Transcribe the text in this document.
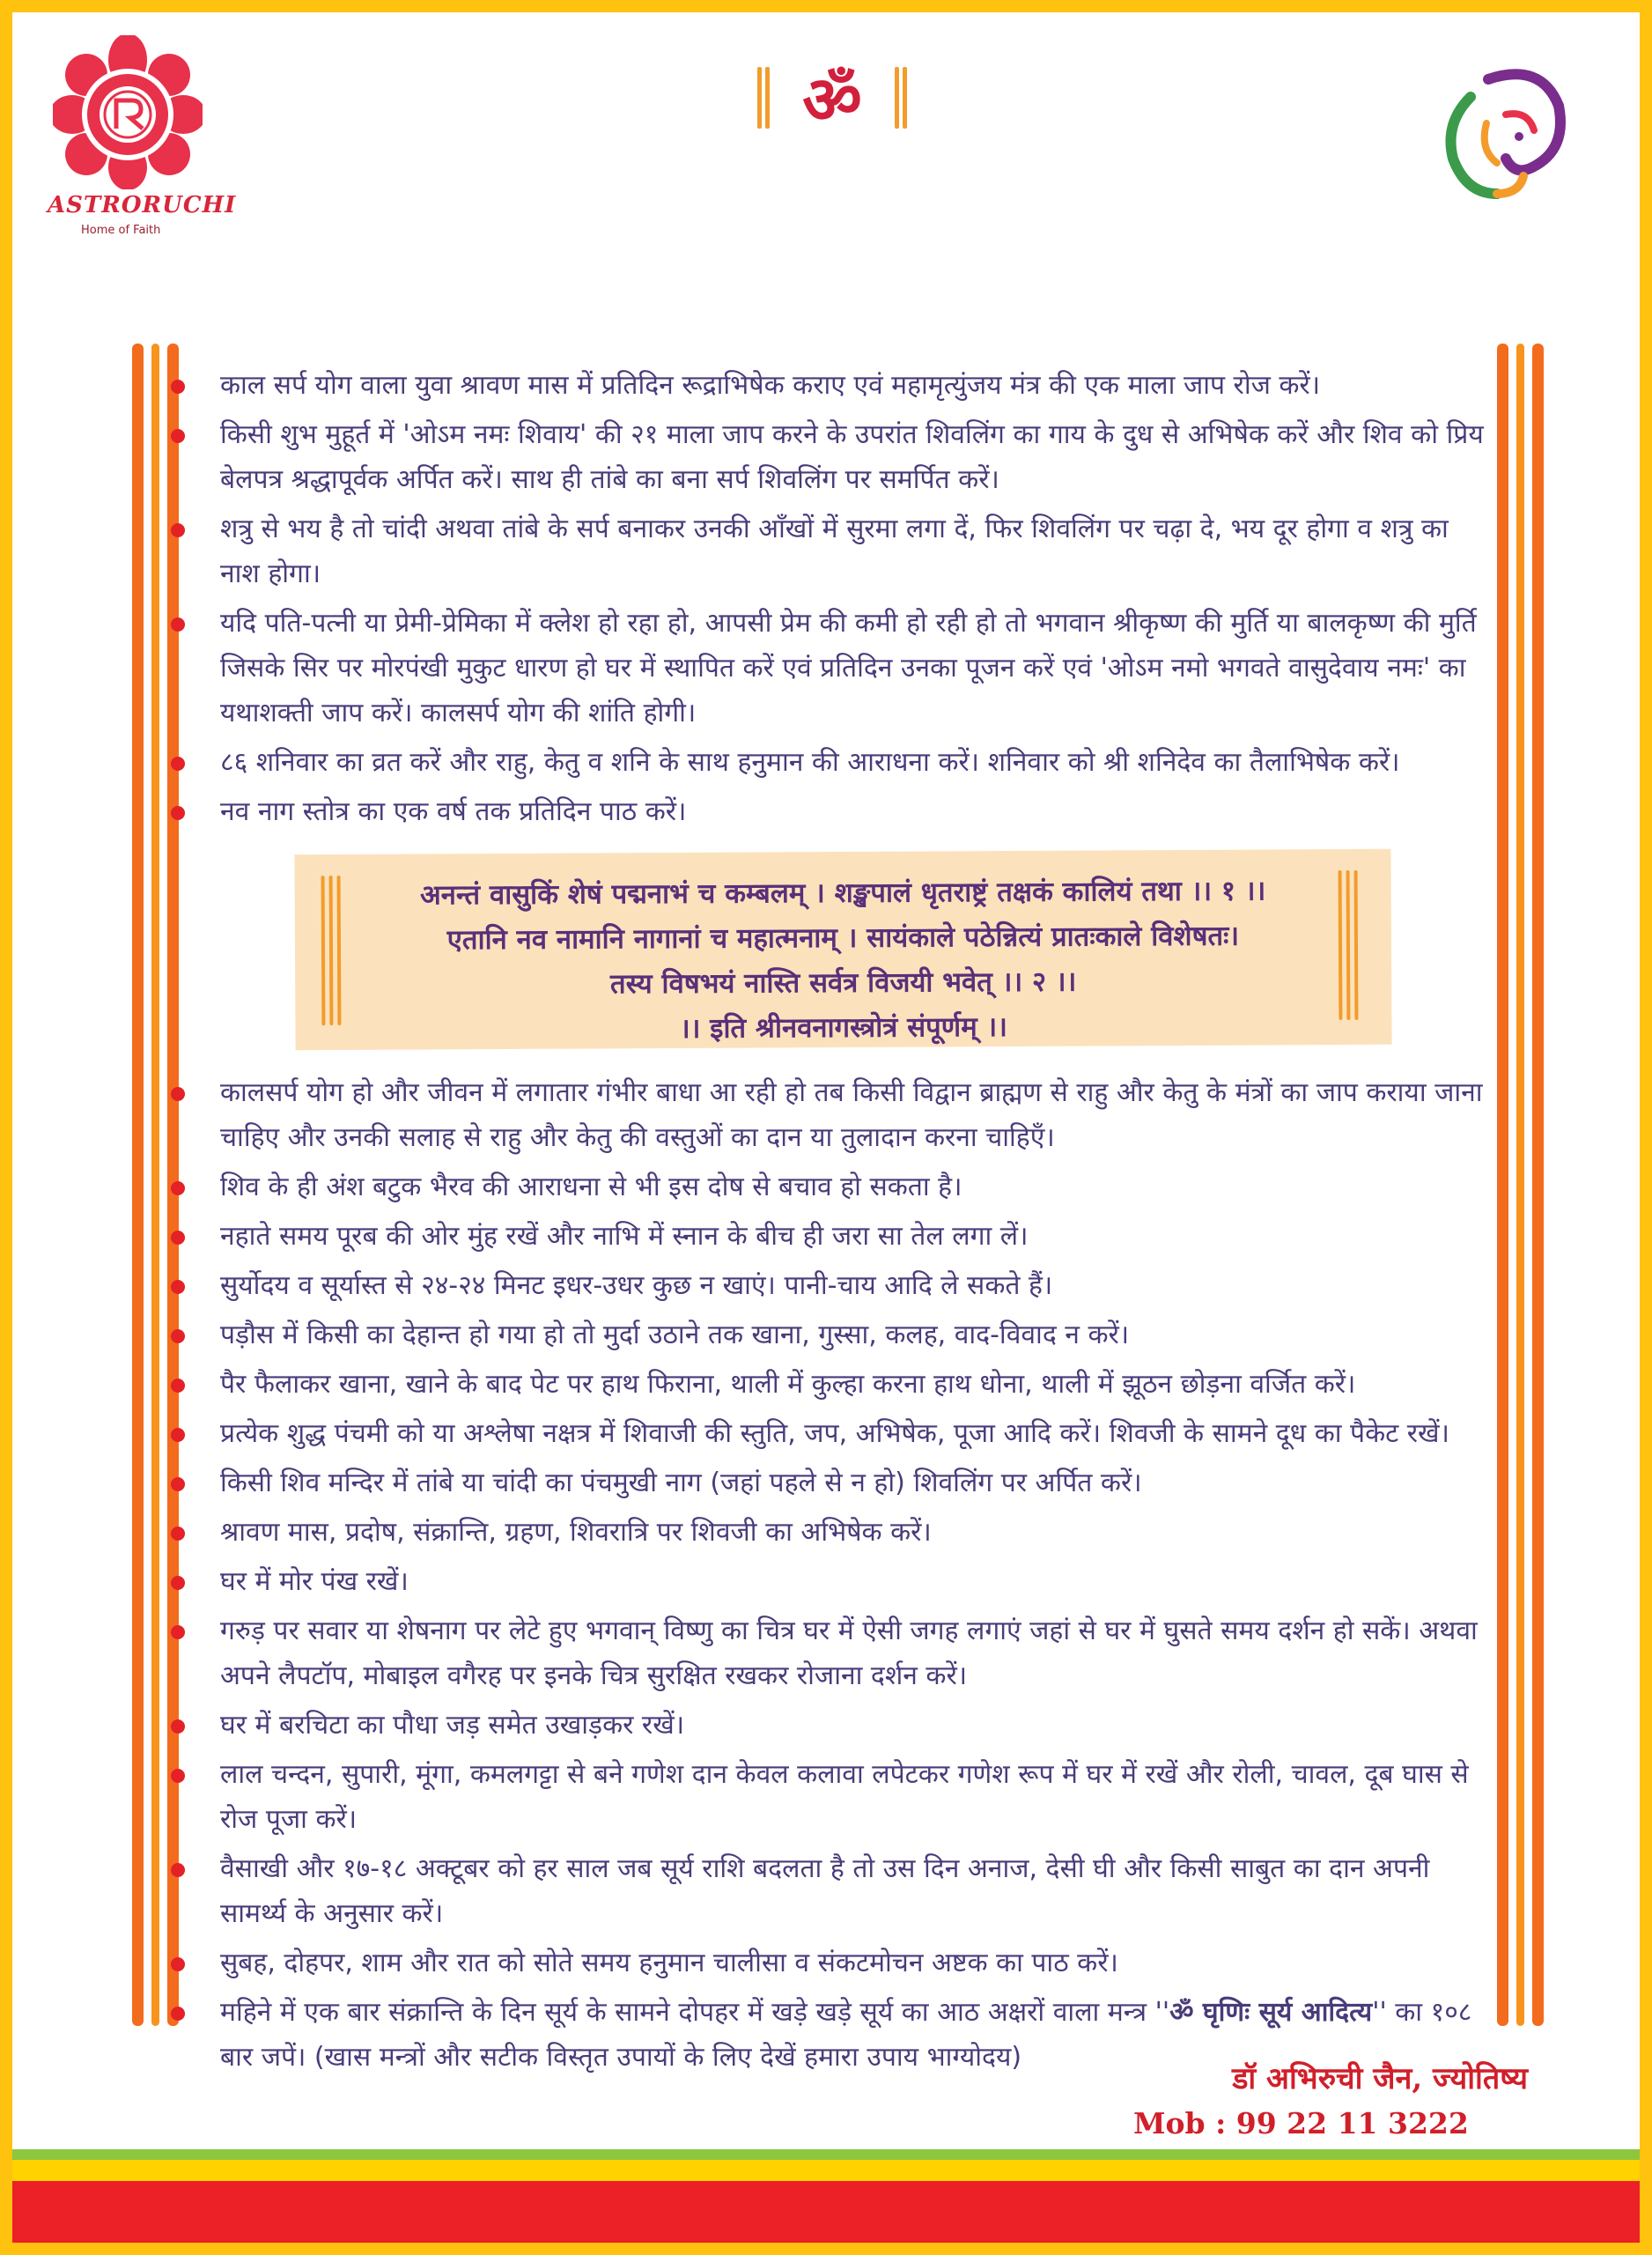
ASTRORUCHI
Home of Faith
ॐ
काल सर्प योग वाला युवा श्रावण मास में प्रतिदिन रूद्राभिषेक कराए एवं महामृत्युंजय मंत्र की एक माला जाप रोज करें।
किसी शुभ मुहूर्त में 'ओऽम नमः शिवाय' की २१ माला जाप करने के उपरांत शिवलिंग का गाय के दुध से अभिषेक करें और शिव को प्रिय बेलपत्र श्रद्धापूर्वक अर्पित करें। साथ ही तांबे का बना सर्प शिवलिंग पर समर्पित करें।
शत्रु से भय है तो चांदी अथवा तांबे के सर्प बनाकर उनकी आँखों में सुरमा लगा दें, फिर शिवलिंग पर चढ़ा दे, भय दूर होगा व शत्रु का नाश होगा।
यदि पति-पत्नी या प्रेमी-प्रेमिका में क्लेश हो रहा हो, आपसी प्रेम की कमी हो रही हो तो भगवान श्रीकृष्ण की मुर्ति या बालकृष्ण की मुर्ति जिसके सिर पर मोरपंखी मुकुट धारण हो घर में स्थापित करें एवं प्रतिदिन उनका पूजन करें एवं 'ओऽम नमो भगवते वासुदेवाय नमः' का यथाशक्ती जाप करें। कालसर्प योग की शांति होगी।
८६ शनिवार का व्रत करें और राहु, केतु व शनि के साथ हनुमान की आराधना करें। शनिवार को श्री शनिदेव का तैलाभिषेक करें।
नव नाग स्तोत्र का एक वर्ष तक प्रतिदिन पाठ करें।
अनन्तं वासुकिं शेषं पद्मनाभं च कम्बलम् । शङ्खपालं धृतराष्ट्रं तक्षकं कालियं तथा ।। १ ।।
एतानि नव नामानि नागानां च महात्मनाम् । सायंकाले पठेन्नित्यं प्रातःकाले विशेषतः।
तस्य विषभयं नास्ति सर्वत्र विजयी भवेत् ।। २ ।।
।। इति श्रीनवनागस्त्रोत्रं संपूर्णम् ।।
कालसर्प योग हो और जीवन में लगातार गंभीर बाधा आ रही हो तब किसी विद्वान ब्राह्मण से राहु और केतु के मंत्रों का जाप कराया जाना चाहिए और उनकी सलाह से राहु और केतु की वस्तुओं का दान या तुलादान करना चाहिएँ।
शिव के ही अंश बटुक भैरव की आराधना से भी इस दोष से बचाव हो सकता है।
नहाते समय पूरब की ओर मुंह रखें और नाभि में स्नान के बीच ही जरा सा तेल लगा लें।
सुर्योदय व सूर्यास्त से २४-२४ मिनट इधर-उधर कुछ न खाएं। पानी-चाय आदि ले सकते हैं।
पड़ौस में किसी का देहान्त हो गया हो तो मुर्दा उठाने तक खाना, गुस्सा, कलह, वाद-विवाद न करें।
पैर फैलाकर खाना, खाने के बाद पेट पर हाथ फिराना, थाली में कुल्हा करना हाथ धोना, थाली में झूठन छोड़ना वर्जित करें।
प्रत्येक शुद्ध पंचमी को या अश्लेषा नक्षत्र में शिवाजी की स्तुति, जप, अभिषेक, पूजा आदि करें। शिवजी के सामने दूध का पैकेट रखें।
किसी शिव मन्दिर में तांबे या चांदी का पंचमुखी नाग (जहां पहले से न हो) शिवलिंग पर अर्पित करें।
श्रावण मास, प्रदोष, संक्रान्ति, ग्रहण, शिवरात्रि पर शिवजी का अभिषेक करें।
घर में मोर पंख रखें।
गरुड़ पर सवार या शेषनाग पर लेटे हुए भगवान् विष्णु का चित्र घर में ऐसी जगह लगाएं जहां से घर में घुसते समय दर्शन हो सकें। अथवा अपने लैपटॉप, मोबाइल वगैरह पर इनके चित्र सुरक्षित रखकर रोजाना दर्शन करें।
घर में बरचिटा का पौधा जड़ समेत उखाड़कर रखें।
लाल चन्दन, सुपारी, मूंगा, कमलगट्टा से बने गणेश दान केवल कलावा लपेटकर गणेश रूप में घर में रखें और रोली, चावल, दूब घास से रोज पूजा करें।
वैसाखी और १७-१८ अक्टूबर को हर साल जब सूर्य राशि बदलता है तो उस दिन अनाज, देसी घी और किसी साबुत का दान अपनी सामर्थ्य के अनुसार करें।
सुबह, दोहपर, शाम और रात को सोते समय हनुमान चालीसा व संकटमोचन अष्टक का पाठ करें।
महिने में एक बार संक्रान्ति के दिन सूर्य के सामने दोपहर में खड़े खड़े सूर्य का आठ अक्षरों वाला मन्त्र ''ॐ घृणिः सूर्य आदित्य'' का १०८ बार जपें। (खास मन्त्रों और सटीक विस्तृत उपायों के लिए देखें हमारा उपाय भाग्योदय)
डॉ अभिरुची जैन, ज्योतिष्य
Mob : 99 22 11 3222
